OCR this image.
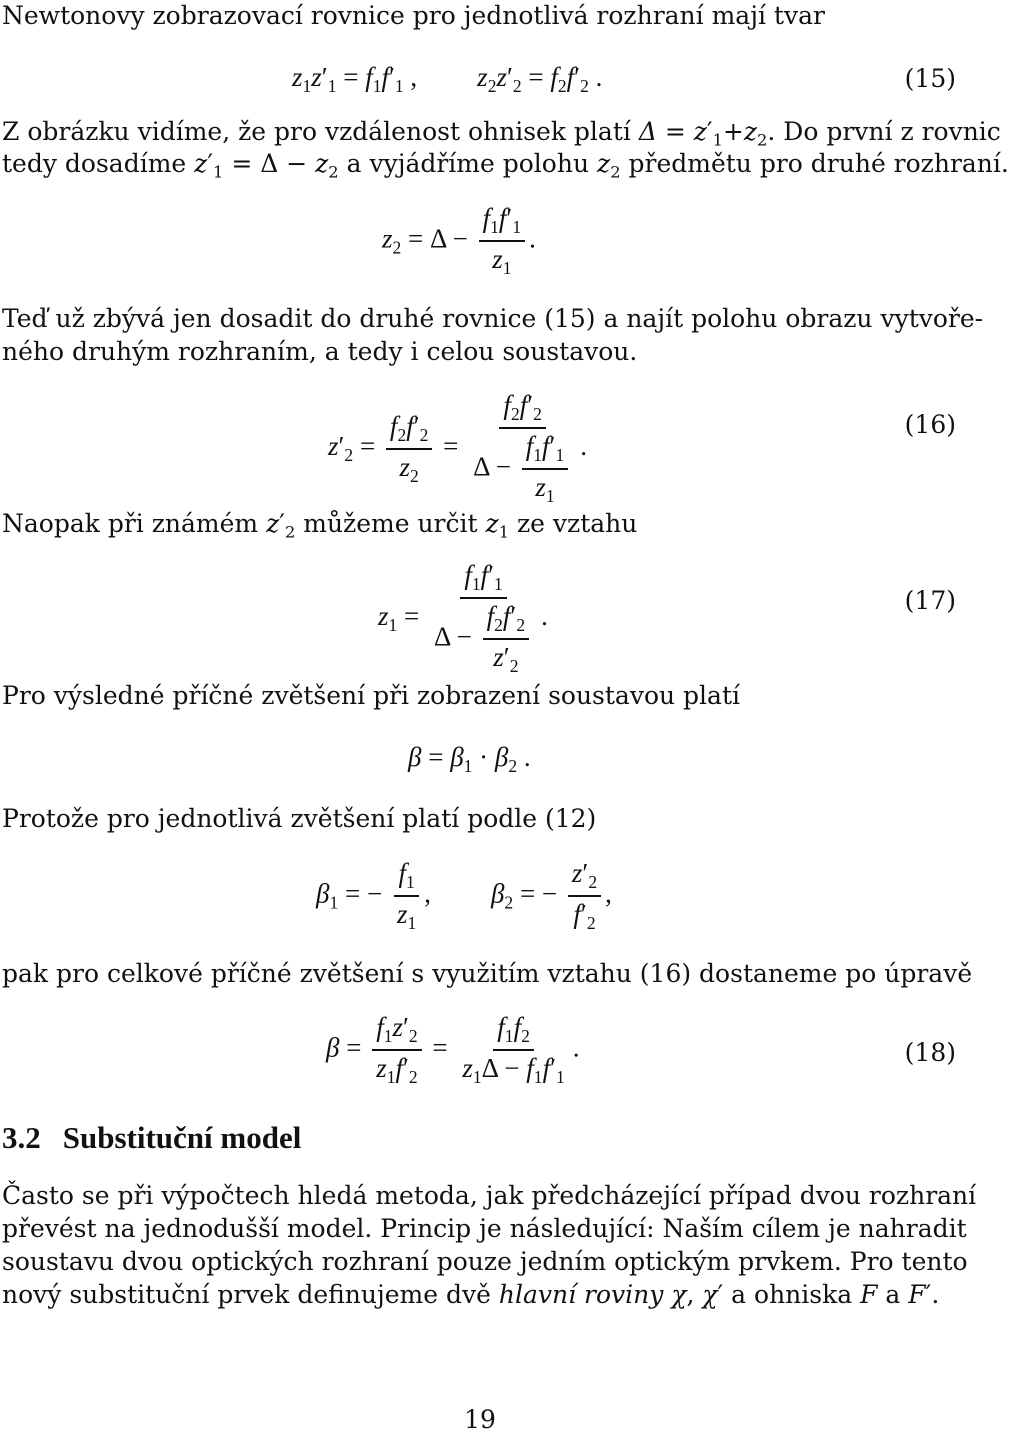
Newtonovy zobrazovací rovnice pro jednotlivá rozhraní mají tvar
$z_1z'_1 = f_1f'_1$ , $z_2z'_2 = f_2f'_2$ .	(15)
Z obrázku vidíme, že pro vzdálenost ohnisek platí $\Delta = z'_1+z_2$. Do první z rovnic
tedy dosadíme $z'_1 = \Delta - z_2$ a vyjádříme polohu $z_2$ předmětu pro druhé rozhraní.
$z_2 = \Delta - \frac{f_1f'_1}{z_1}$ .
Teď už zbývá jen dosadit do druhé rovnice (15) a najít polohu obrazu vytvoře-
ného druhým rozhraním, a tedy i celou soustavou.
$z'_2 = \frac{f_2f'_2}{z_2} = \frac{f_2f'_2}{\Delta - \frac{f_1f'_1}{z_1}}$ .
(16)
Naopak při známém $z'_2$ můžeme určit $z_1$ ze vztahu
$z_1 = \frac{f_1f'_1}{\Delta - \frac{f_2f'_2}{z'_2}}$ .
(17)
Pro výsledné příčné zvětšení při zobrazení soustavou platí
$\beta = \beta_1 \cdot \beta_2$ .
Protože pro jednotlivá zvětšení platí podle (12)
$\beta_1$ = − $\frac{f_1}{z_1}$ , $\beta_2$ = − $\frac{z'_2}{f'_2}$ ,
pak pro celkové příčné zvětšení s využitím vztahu (16) dostaneme po úpravě
$\beta = \frac{f_1z'_2}{z_1f'_2} = \frac{f_1f_2}{z_1\Delta - f_1f'_1}$ .	(18)
3.2 Substituční model
Často se při výpočtech hledá metoda, jak předcházející případ dvou rozhraní
převést na jednodušší model. Princip je následující: Naším cílem je nahradit
soustavu dvou optických rozhraní pouze jedním optickým prvkem. Pro tento
nový substituční prvek definujeme dvě hlavní roviny χ, χ′ a ohniska F a F′.
19
